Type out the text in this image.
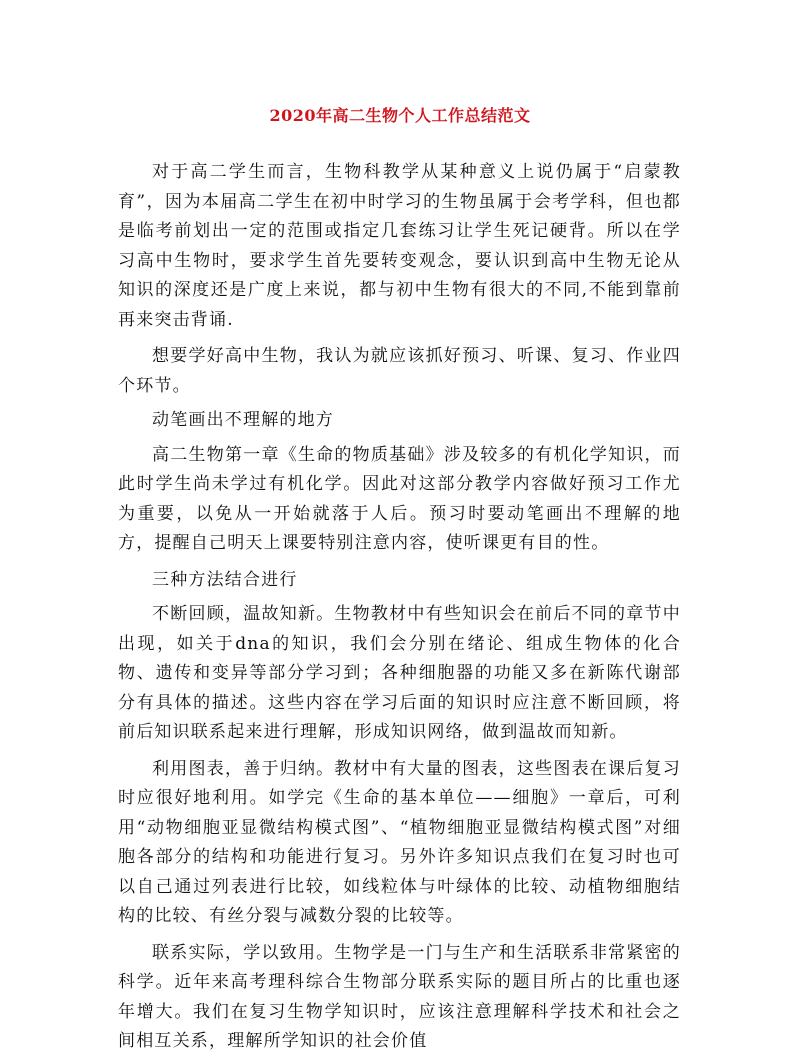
2020年高二生物个人工作总结范文

对于高二学生而言，生物科教学从某种意义上说仍属于“启蒙教育”，因为本届高二学生在初中时学习的生物虽属于会考学科，但也都是临考前划出一定的范围或指定几套练习让学生死记硬背。所以在学习高中生物时，要求学生首先要转变观念，要认识到高中生物无论从知识的深度还是广度上来说，都与初中生物有很大的不同,不能到靠前再来突击背诵.

想要学好高中生物，我认为就应该抓好预习、听课、复习、作业四个环节。

动笔画出不理解的地方

高二生物第一章《生命的物质基础》涉及较多的有机化学知识，而此时学生尚未学过有机化学。因此对这部分教学内容做好预习工作尤为重要，以免从一开始就落于人后。预习时要动笔画出不理解的地方，提醒自己明天上课要特别注意内容，使听课更有目的性。

三种方法结合进行

不断回顾，温故知新。生物教材中有些知识会在前后不同的章节中出现，如关于dna的知识，我们会分别在绪论、组成生物体的化合物、遗传和变异等部分学习到；各种细胞器的功能又多在新陈代谢部分有具体的描述。这些内容在学习后面的知识时应注意不断回顾，将前后知识联系起来进行理解，形成知识网络，做到温故而知新。

利用图表，善于归纳。教材中有大量的图表，这些图表在课后复习时应很好地利用。如学完《生命的基本单位——细胞》一章后，可利用“动物细胞亚显微结构模式图”、“植物细胞亚显微结构模式图”对细胞各部分的结构和功能进行复习。另外许多知识点我们在复习时也可以自己通过列表进行比较，如线粒体与叶绿体的比较、动植物细胞结构的比较、有丝分裂与减数分裂的比较等。

联系实际，学以致用。生物学是一门与生产和生活联系非常紧密的科学。近年来高考理科综合生物部分联系实际的题目所占的比重也逐年增大。我们在复习生物学知识时，应该注意理解科学技术和社会之间相互关系，理解所学知识的社会价值
